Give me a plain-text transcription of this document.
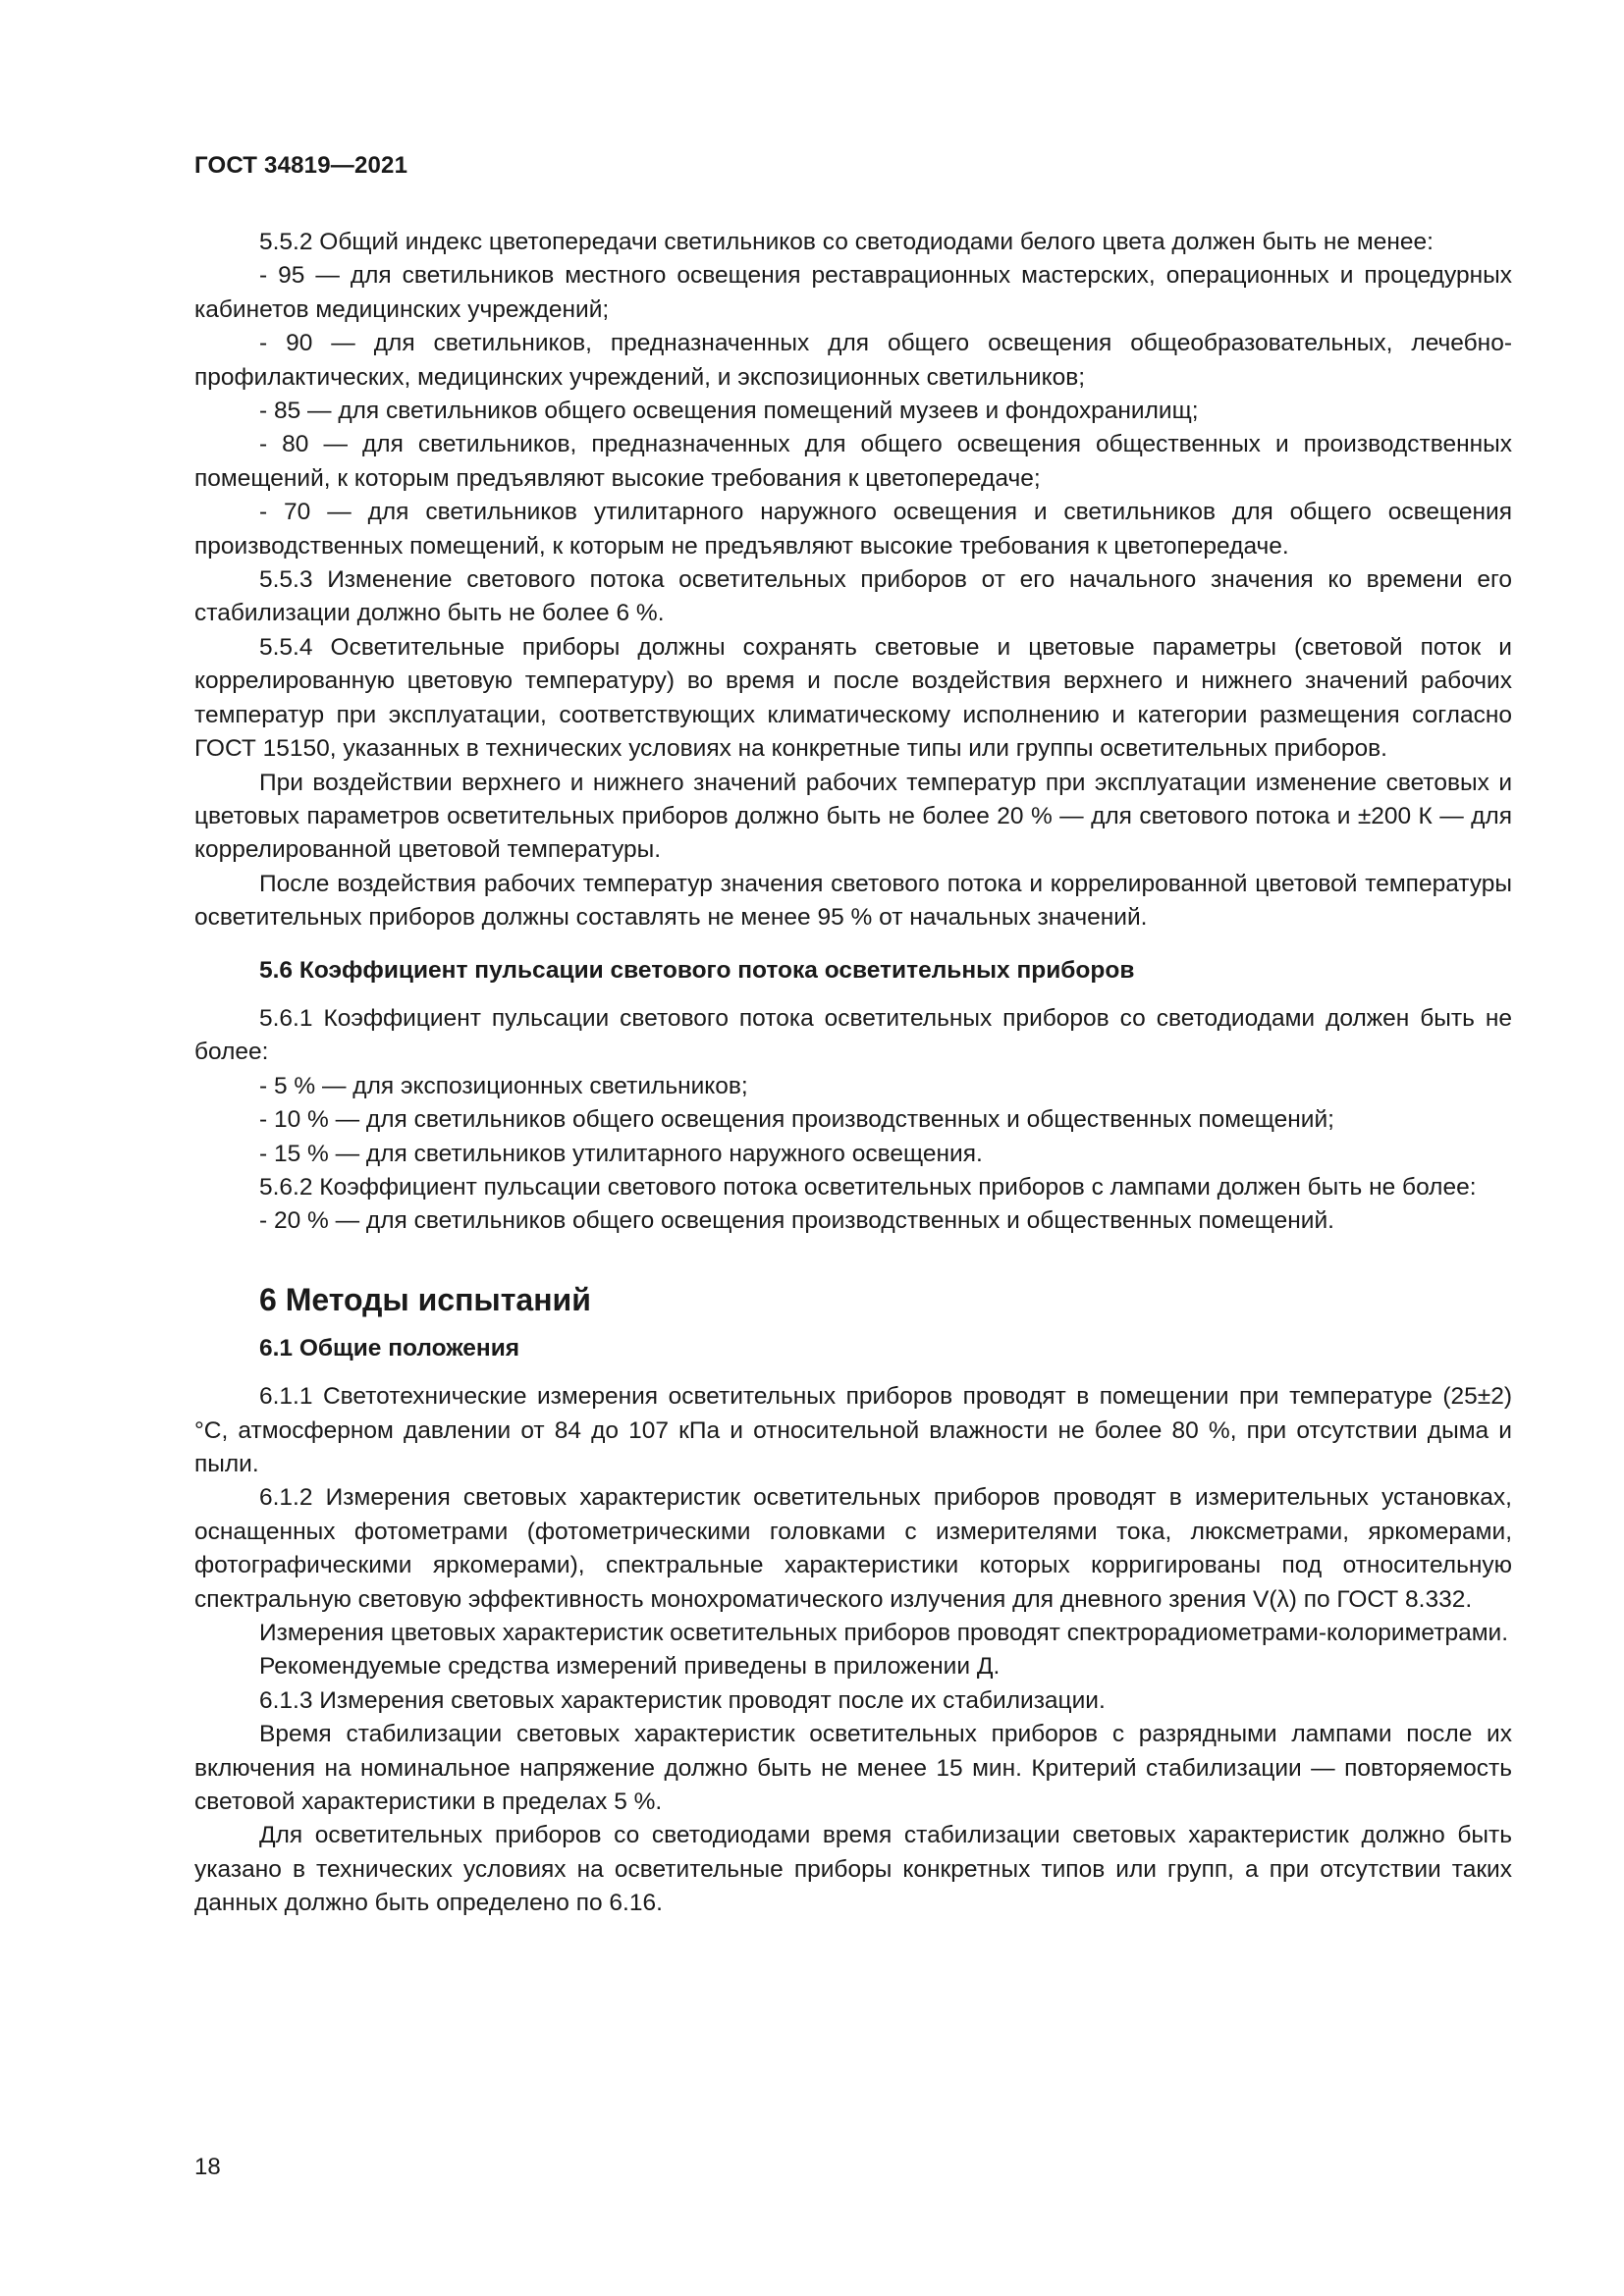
ГОСТ 34819—2021

5.5.2 Общий индекс цветопередачи светильников со светодиодами белого цвета должен быть не менее:

- 95 — для светильников местного освещения реставрационных мастерских, операционных и процедурных кабинетов медицинских учреждений;

- 90 — для светильников, предназначенных для общего освещения общеобразовательных, лечебно-профилактических, медицинских учреждений, и экспозиционных светильников;

- 85 — для светильников общего освещения помещений музеев и фондохранилищ;

- 80 — для светильников, предназначенных для общего освещения общественных и производственных помещений, к которым предъявляют высокие требования к цветопередаче;

- 70 — для светильников утилитарного наружного освещения и светильников для общего освещения производственных помещений, к которым не предъявляют высокие требования к цветопередаче.

5.5.3 Изменение светового потока осветительных приборов от его начального значения ко времени его стабилизации должно быть не более 6 %.

5.5.4 Осветительные приборы должны сохранять световые и цветовые параметры (световой поток и коррелированную цветовую температуру) во время и после воздействия верхнего и нижнего значений рабочих температур при эксплуатации, соответствующих климатическому исполнению и категории размещения согласно ГОСТ 15150, указанных в технических условиях на конкретные типы или группы осветительных приборов.

При воздействии верхнего и нижнего значений рабочих температур при эксплуатации изменение световых и цветовых параметров осветительных приборов должно быть не более 20 % — для светового потока и ±200 К — для коррелированной цветовой температуры.

После воздействия рабочих температур значения светового потока и коррелированной цветовой температуры осветительных приборов должны составлять не менее 95 % от начальных значений.

5.6 Коэффициент пульсации светового потока осветительных приборов

5.6.1 Коэффициент пульсации светового потока осветительных приборов со светодиодами должен быть не более:

- 5 % — для экспозиционных светильников;

- 10 % — для светильников общего освещения производственных и общественных помещений;

- 15 % — для светильников утилитарного наружного освещения.

5.6.2 Коэффициент пульсации светового потока осветительных приборов с лампами должен быть не более:

- 20 % — для светильников общего освещения производственных и общественных помещений.

6 Методы испытаний
6.1 Общие положения

6.1.1 Светотехнические измерения осветительных приборов проводят в помещении при температуре (25±2) °С, атмосферном давлении от 84 до 107 кПа и относительной влажности не более 80 %, при отсутствии дыма и пыли.

6.1.2 Измерения световых характеристик осветительных приборов проводят в измерительных установках, оснащенных фотометрами (фотометрическими головками с измерителями тока, люксметрами, яркомерами, фотографическими яркомерами), спектральные характеристики которых корригированы под относительную спектральную световую эффективность монохроматического излучения для дневного зрения V(λ) по ГОСТ 8.332.

Измерения цветовых характеристик осветительных приборов проводят спектрорадиометрами-колориметрами.

Рекомендуемые средства измерений приведены в приложении Д.

6.1.3 Измерения световых характеристик проводят после их стабилизации.

Время стабилизации световых характеристик осветительных приборов с разрядными лампами после их включения на номинальное напряжение должно быть не менее 15 мин. Критерий стабилизации — повторяемость световой характеристики в пределах 5 %.

Для осветительных приборов со светодиодами время стабилизации световых характеристик должно быть указано в технических условиях на осветительные приборы конкретных типов или групп, а при отсутствии таких данных должно быть определено по 6.16.

18
